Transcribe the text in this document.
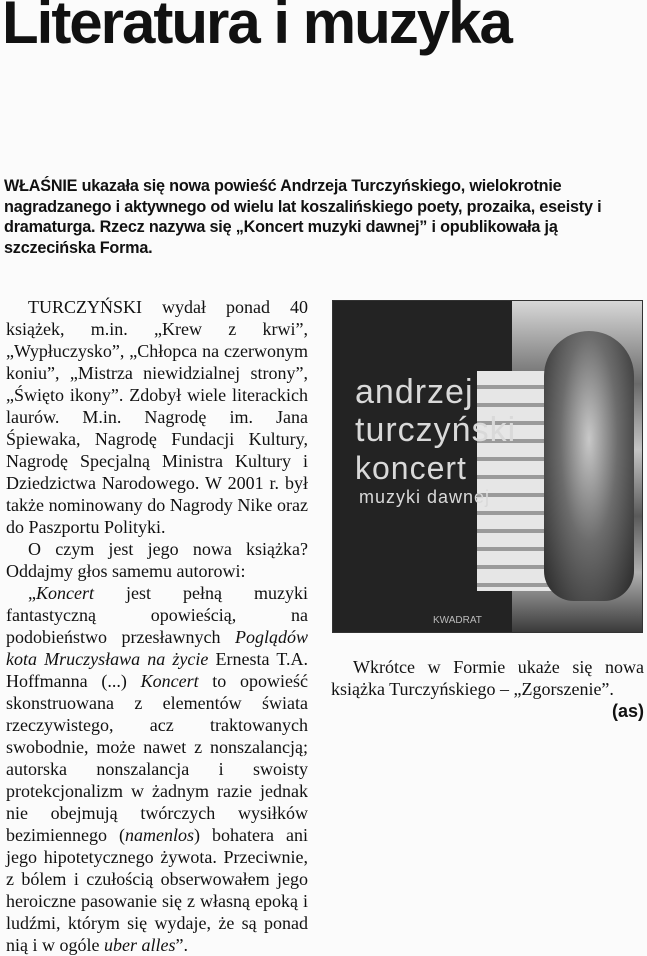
Literatura i muzyka

WŁAŚNIE ukazała się nowa powieść Andrzeja Turczyńskiego, wielokrotnie nagradzanego i aktywnego od wielu lat koszalińskiego poety, prozaika, eseisty i dramaturga. Rzecz nazywa się „Koncert muzyki dawnej” i opublikowała ją szczecińska Forma.

TURCZYŃSKI wydał ponad 40 książek, m.in. „Krew z krwi”, „Wypłuczysko”, „Chłopca na czerwonym koniu”, „Mistrza niewidzialnej strony”, „Święto ikony”. Zdobył wiele literackich laurów. M.in. Nagrodę im. Jana Śpiewaka, Nagrodę Fundacji Kultury, Nagrodę Specjalną Ministra Kultury i Dziedzictwa Narodowego. W 2001 r. był także nominowany do Nagrody Nike oraz do Paszportu Polityki.

O czym jest jego nowa książka? Oddajmy głos samemu autorowi:

„Koncert jest pełną muzyki fantastyczną opowieścią, na podobieństwo przesławnych Poglądów kota Mruczysława na życie Ernesta T.A. Hoffmanna (...) Koncert to opowieść skonstruowana z elementów świata rzeczywistego, acz traktowanych swobodnie, może nawet z nonszalancją; autorska nonszalancja i swoisty protekcjonalizm w żadnym razie jednak nie obejmują twórczych wysiłków bezimiennego (namenlos) bohatera ani jego hipotetycznego żywota. Przeciwnie, z bólem i czułością obserwowałem jego heroiczne pasowanie się z własną epoką i ludźmi, którym się wydaje, że są ponad nią i w ogóle uber alles”.

Wkrótce w Formie ukaże się nowa książka Turczyńskiego – „Zgorszenie”.
(as)

andrzej
turczyński
koncert
muzyki dawnej
KWADRAT
